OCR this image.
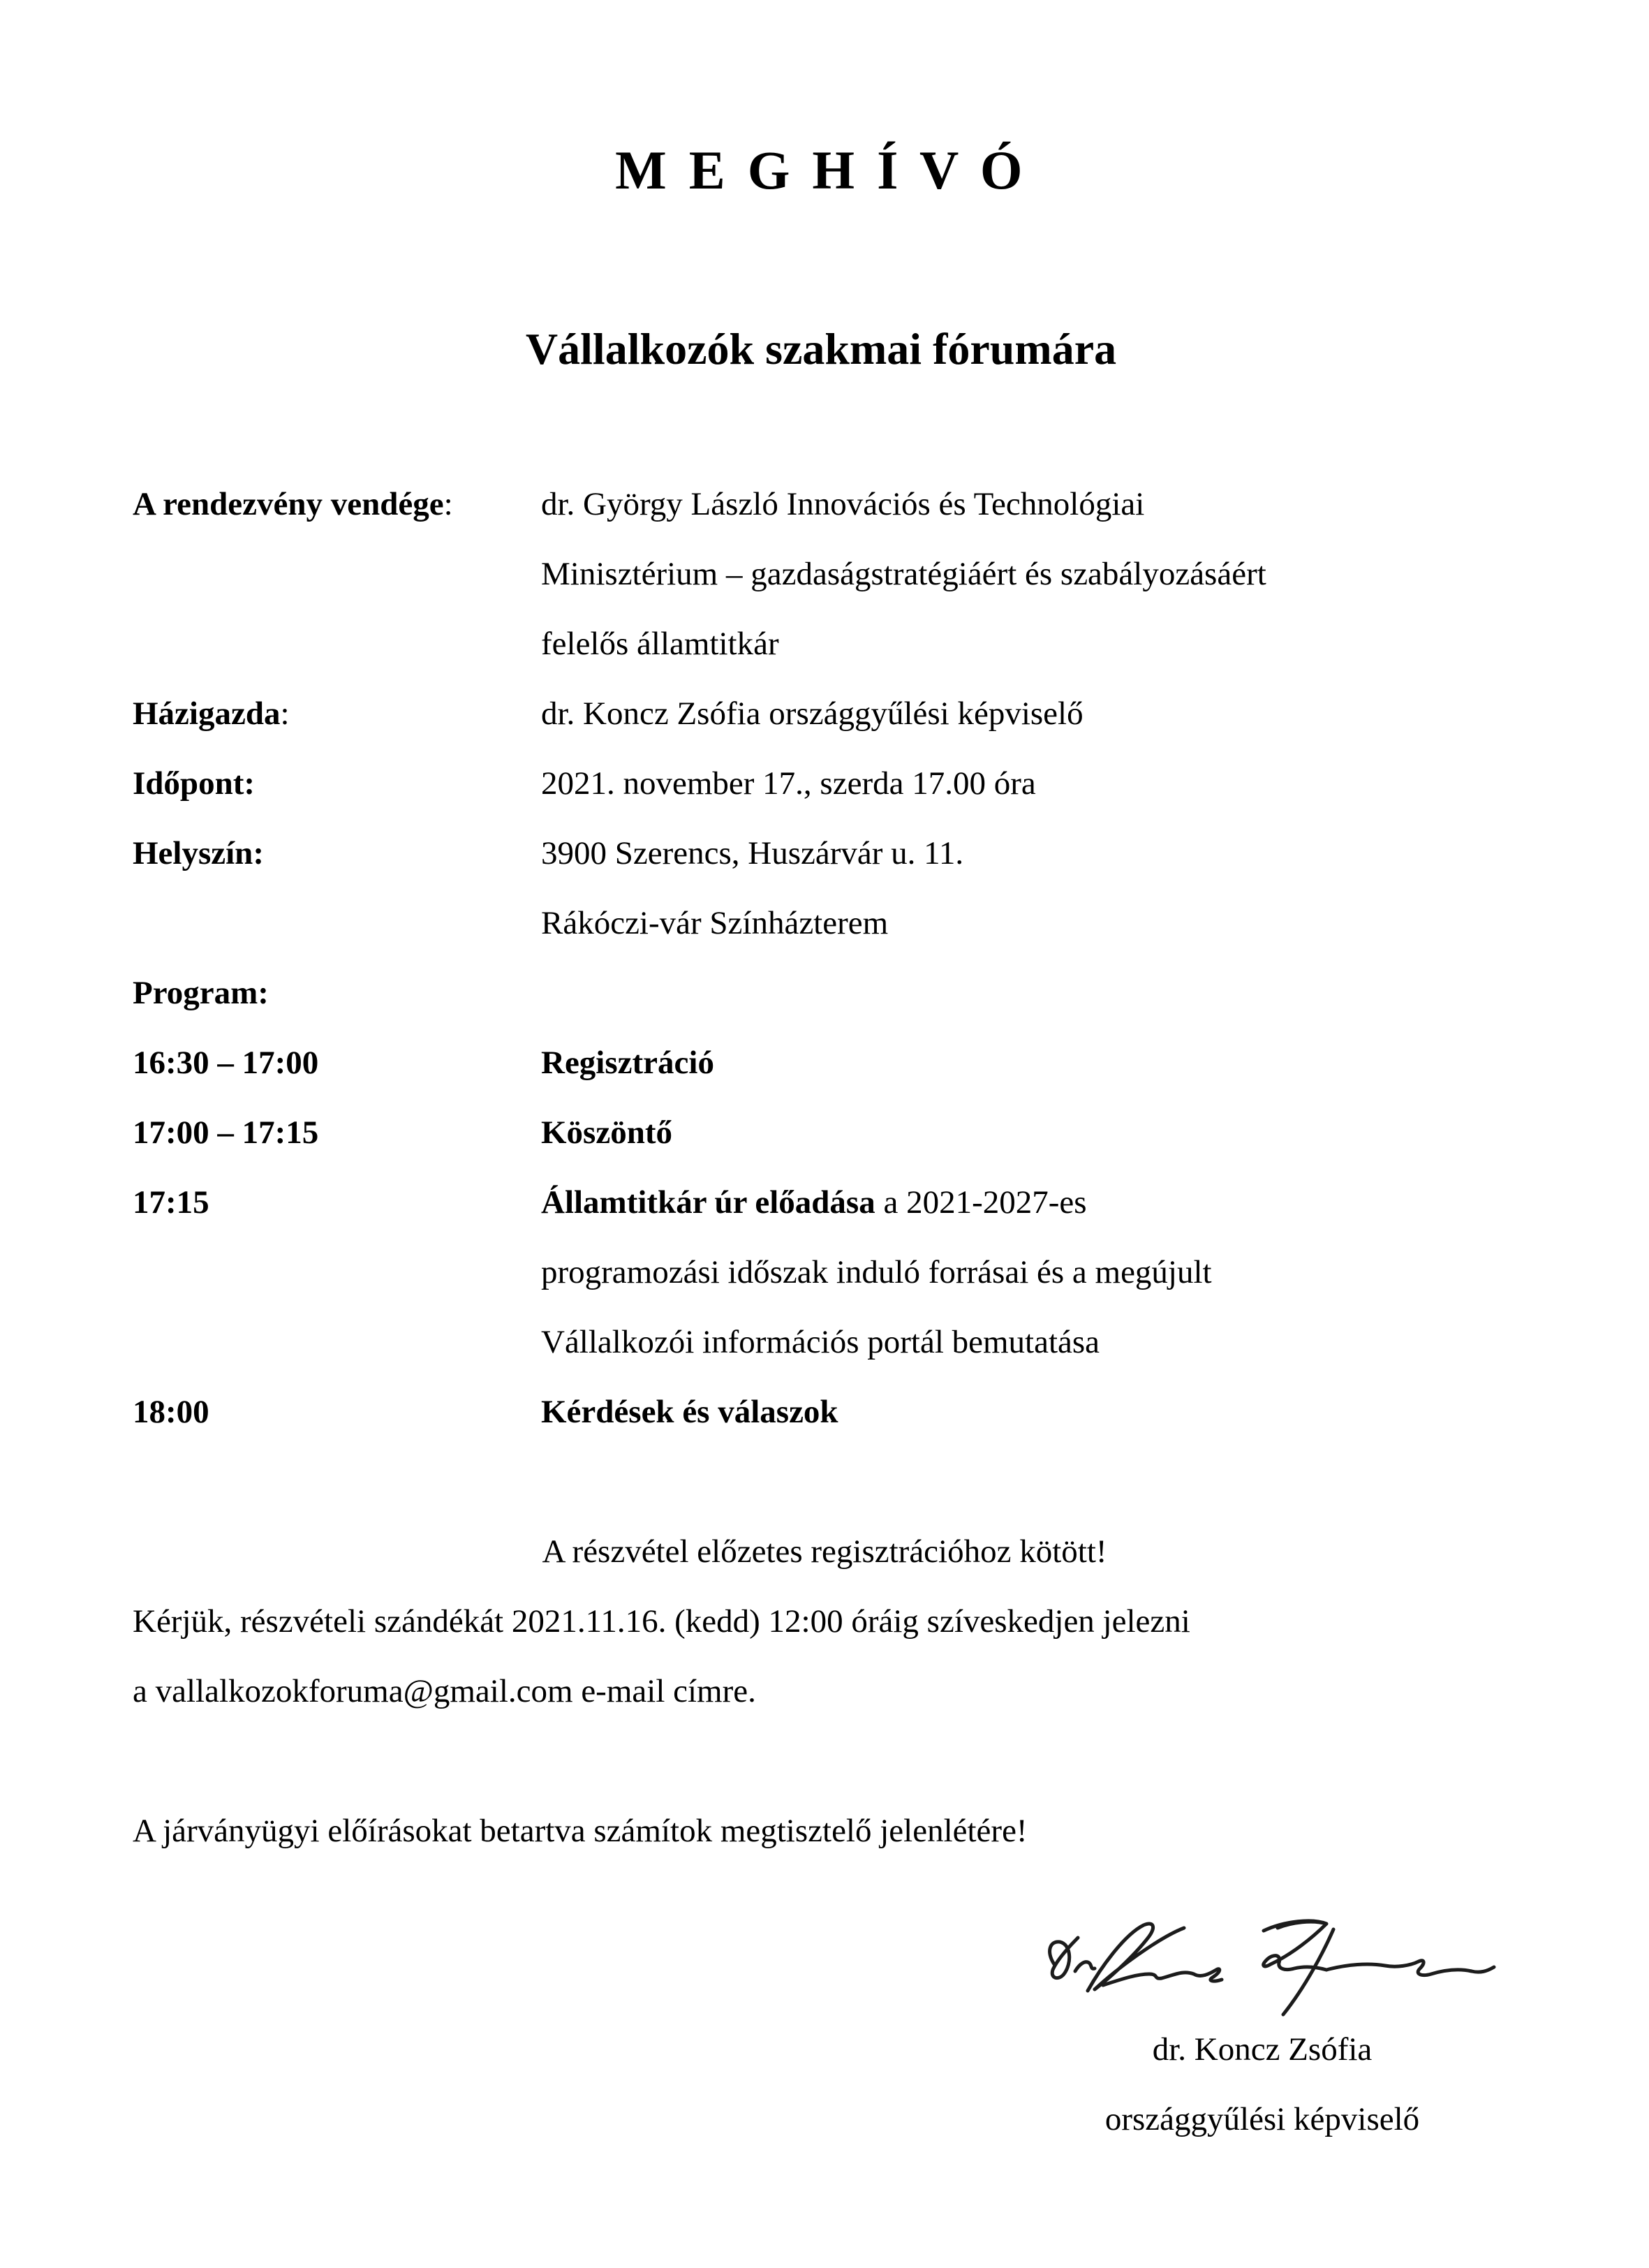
M E G H Í V Ó
Vállalkozók szakmai fórumára
A rendezvény vendége:	dr. György László Innovációs és Technológiai
Minisztérium – gazdaságstratégiáért és szabályozásáért
felelős államtitkár
Házigazda:	dr. Koncz Zsófia országgyűlési képviselő
Időpont:	2021. november 17., szerda 17.00 óra
Helyszín:	3900 Szerencs, Huszárvár u. 11.
Rákóczi-vár Színházterem
Program:
16:30 – 17:00	Regisztráció
17:00 – 17:15	Köszöntő
17:15	Államtitkár úr előadása a 2021-2027-es
programozási időszak induló forrásai és a megújult
Vállalkozói információs portál bemutatása
18:00	Kérdések és válaszok
A részvétel előzetes regisztrációhoz kötött!
Kérjük, részvételi szándékát 2021.11.16. (kedd) 12:00 óráig szíveskedjen jelezni
a vallalkozokforuma@gmail.com e-mail címre.
A járványügyi előírásokat betartva számítok megtisztelő jelenlétére!
dr. Koncz Zsófia
országgyűlési képviselő
